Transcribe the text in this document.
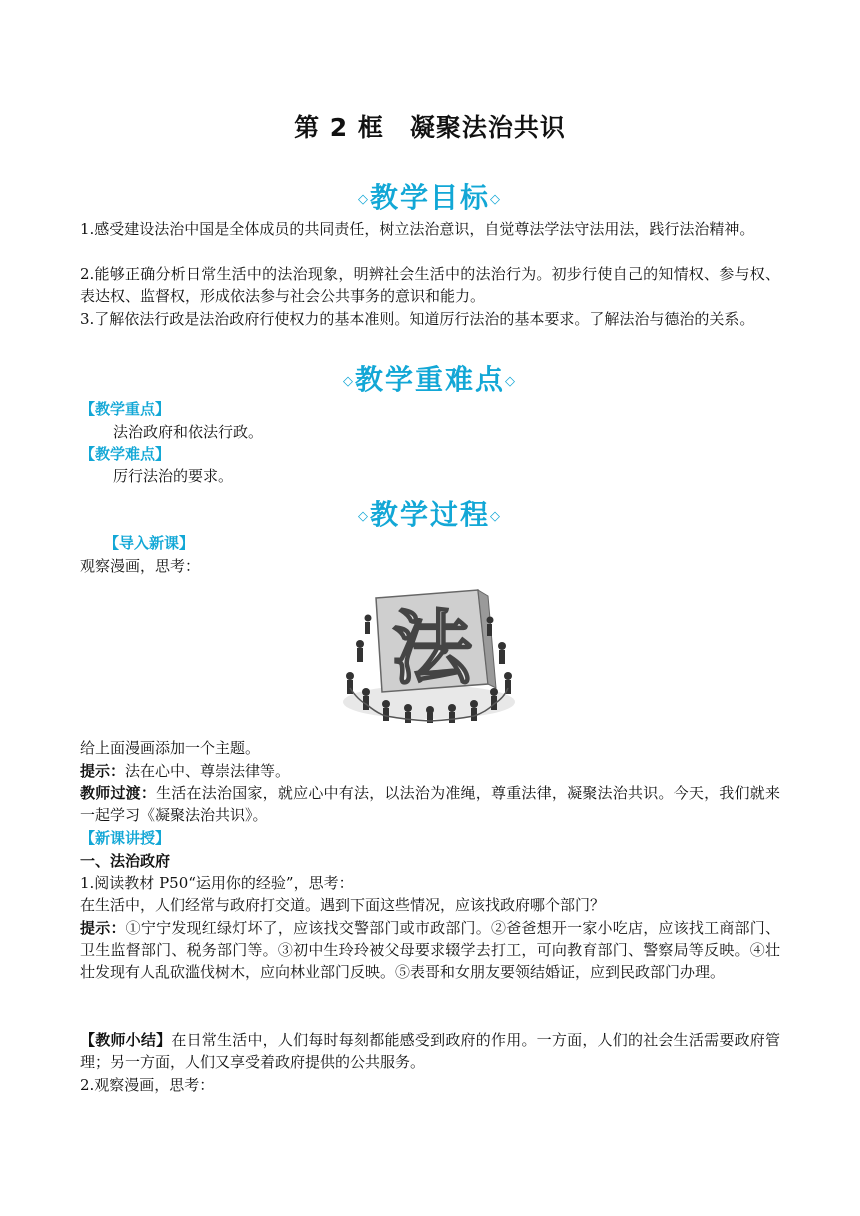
第 2 框　凝聚法治共识
◇教学目标◇
1.感受建设法治中国是全体成员的共同责任，树立法治意识，自觉尊法学法守法用法，践行法治精神。
2.能够正确分析日常生活中的法治现象，明辨社会生活中的法治行为。初步行使自己的知情权、参与权、表达权、监督权，形成依法参与社会公共事务的意识和能力。
3.了解依法行政是法治政府行使权力的基本准则。知道厉行法治的基本要求。了解法治与德治的关系。
◇教学重难点◇
【教学重点】
法治政府和依法行政。
【教学难点】
厉行法治的要求。
◇教学过程◇
【导入新课】
观察漫画，思考：
法
给上面漫画添加一个主题。
提示：法在心中、尊崇法律等。
教师过渡：生活在法治国家，就应心中有法，以法治为准绳，尊重法律，凝聚法治共识。今天，我们就来一起学习《凝聚法治共识》。
【新课讲授】
一、法治政府
1.阅读教材 P50“运用你的经验”，思考：
在生活中，人们经常与政府打交道。遇到下面这些情况，应该找政府哪个部门？
提示：①宁宁发现红绿灯坏了，应该找交警部门或市政部门。②爸爸想开一家小吃店，应该找工商部门、卫生监督部门、税务部门等。③初中生玲玲被父母要求辍学去打工，可向教育部门、警察局等反映。④壮壮发现有人乱砍滥伐树木，应向林业部门反映。⑤表哥和女朋友要领结婚证，应到民政部门办理。
【教师小结】在日常生活中，人们每时每刻都能感受到政府的作用。一方面，人们的社会生活需要政府管理；另一方面，人们又享受着政府提供的公共服务。
2.观察漫画，思考：
